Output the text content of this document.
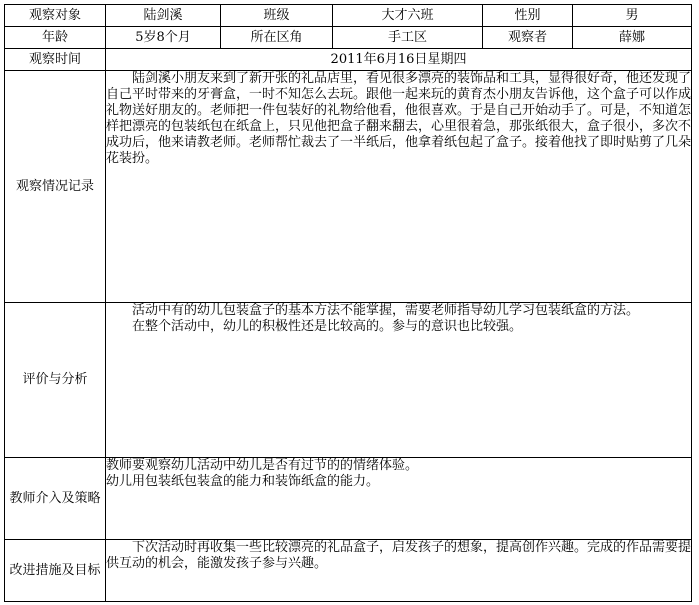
观察对象	陆剑溪	班级	大才六班	性别	男
年龄	5岁8个月	所在区角	手工区	观察者	薛娜
观察时间	2011年6月16日星期四				
观察情况记录	陆剑溪小朋友来到了新开张的礼品店里，看见很多漂亮的装饰品和工具，显得很好奇，他还发现了自己平时带来的牙膏盒，一时不知怎么去玩。跟他一起来玩的黄育杰小朋友告诉他，这个盒子可以作成礼物送好朋友的。老师把一件包装好的礼物给他看，他很喜欢。于是自己开始动手了。可是，不知道怎样把漂亮的包装纸包在纸盒上，只见他把盒子翻来翻去，心里很着急，那张纸很大，盒子很小，多次不成功后，他来请教老师。老师帮忙裁去了一半纸后，他拿着纸包起了盒子。接着他找了即时贴剪了几朵花装扮。				

评价与分析	活动中有的幼儿包装盒子的基本方法不能掌握，需要老师指导幼儿学习包装纸盒的方法。

在整个活动中，幼儿的积极性还是比较高的。参与的意识也比较强。				

教师介入及策略	教师要观察幼儿活动中幼儿是否有过节的的情绪体验。

幼儿用包装纸包装盒的能力和装饰纸盒的能力。				

改进措施及目标	下次活动时再收集一些比较漂亮的礼品盒子，启发孩子的想象，提高创作兴趣。完成的作品需要提供互动的机会，能激发孩子参与兴趣。				
